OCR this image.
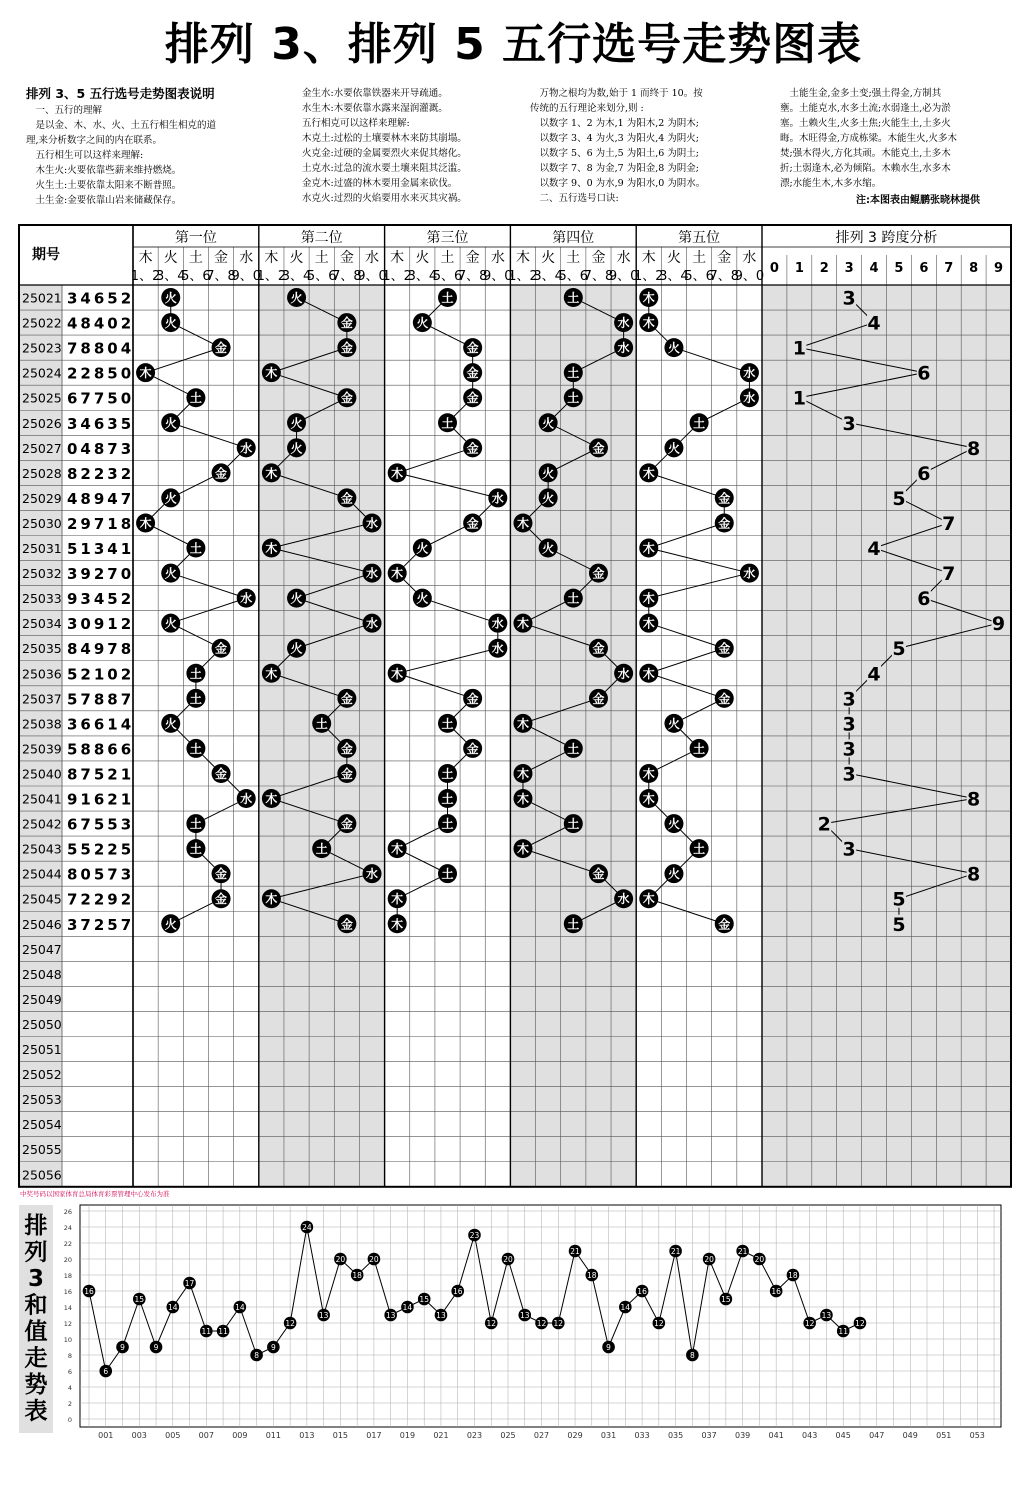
排列 3、排列 5 五行选号走势图表
排列 3、5 五行选号走势图表说明
　一、五行的理解
　是以金、木、水、火、土五行相生相克的道
理,来分析数字之间的内在联系。
　五行相生可以这样来理解:
　木生火:火要依靠些薪来维持燃烧。
　火生土:土要依靠太阳来不断普照。
　土生金:金要依靠山岩来储藏保存。
金生水:水要依靠铁器来开导疏通。
水生木:木要依靠水露来湿润灌溉。
五行相克可以这样来理解:
木克土:过松的土壤要林木来防其崩塌。
火克金:过硬的金属要烈火来促其熔化。
土克水:过急的流水要土壤来阻其泛滥。
金克木:过盛的林木要用金属来砍伐。
水克火:过烈的火焰要用水来灭其灾祸。
　万物之根均为数,始于 1 而终于 10。按
传统的五行理论来划分,则 :
　以数字 1、2 为木,1 为阳木,2 为阴木;
　以数字 3、4 为火,3 为阳火,4 为阴火;
　以数字 5、6 为土,5 为阳土,6 为阴土;
　以数字 7、8 为金,7 为阳金,8 为阴金;
　以数字 9、0 为水,9 为阳水,0 为阴水。
　二、五行选号口诀:
　土能生金,金多土变;强土得金,方制其
壅。土能克水,水多土流;水弱逢土,必为淤
塞。土赖火生,火多土焦;火能生土,土多火
晦。木旺得金,方成栋梁。木能生火,火多木
焚;强木得火,方化其顽。木能克土,土多木
折;土弱逢木,必为倾陷。木赖水生,水多木
漂;水能生木,木多水缩。
注:本图表由鲲鹏张晓林提供
期号
第一位
木
1、2
火
3、4
土
5、6
金
7、8
水
9、0
第二位
木
1、2
火
3、4
土
5、6
金
7、8
水
9、0
第三位
木
1、2
火
3、4
土
5、6
金
7、8
水
9、0
第四位
木
1、2
火
3、4
土
5、6
金
7、8
水
9、0
第五位
木
1、2
火
3、4
土
5、6
金
7、8
水
9、0
排列 3 跨度分析
0 1 2 3 4 5 6 7 8 9
25021
25022
25023
25024
25025
25026
25027
25028
25029
25030
25031
25032
25033
25034
25035
25036
25037
25038
25039
25040
25041
25042
25043
25044
25045
25046
25047
25048
25049
25050
25051
25052
25053
25054
25055
25056
34652
48402
78804
22850
67750
34635
04873
82232
48947
29718
51341
39270
93452
30912
84978
52102
57887
36614
58866
87521
91621
67553
55225
80573
72292
37257
火
火
金
木
土
火
水
金
火
木
土
火
水
火
金
土
土
火
土
金
水
土
土
金
金
火
火
金
金
木
金
火
火
木
金
水
木
水
火
水
火
木
金
土
金
金
木
金
土
水
木
金
土
火
金
金
金
土
金
木
水
金
火
木
火
水
水
木
金
土
金
土
土
土
木
土
木
木
土
水
水
土
土
火
金
火
火
木
火
金
土
木
金
水
金
木
土
木
木
土
木
金
水
土
木
木
火
水
水
土
火
木
金
金
木
水
木
木
金
木
金
火
土
木
木
火
土
火
木
金
3
4
1
6
1
3
8
6
5
7
4
7
6
9
5
4
3
3
3
3
8
2
3
8
5
5
中奖号码以国家体育总局体育彩票管理中心发布为准
排
列
3
和
值
走
势
表	0
2
4
6
8
10
12
14
16
18
20
22
24
26
001 003 005 007 009 011 013 015 017 019 021 023 025 027 029 031 033 035 037 039 041 043 045 047 049 051 053
16
6
9
15
9
14
17
11 11
14
8
9
12
24
13
20
18
20
13
14
15
13
16
23
12
20
13
12 12
21
18
9
14
16
12
21
8
20
15
21
20
16
18
12
13
11
12
